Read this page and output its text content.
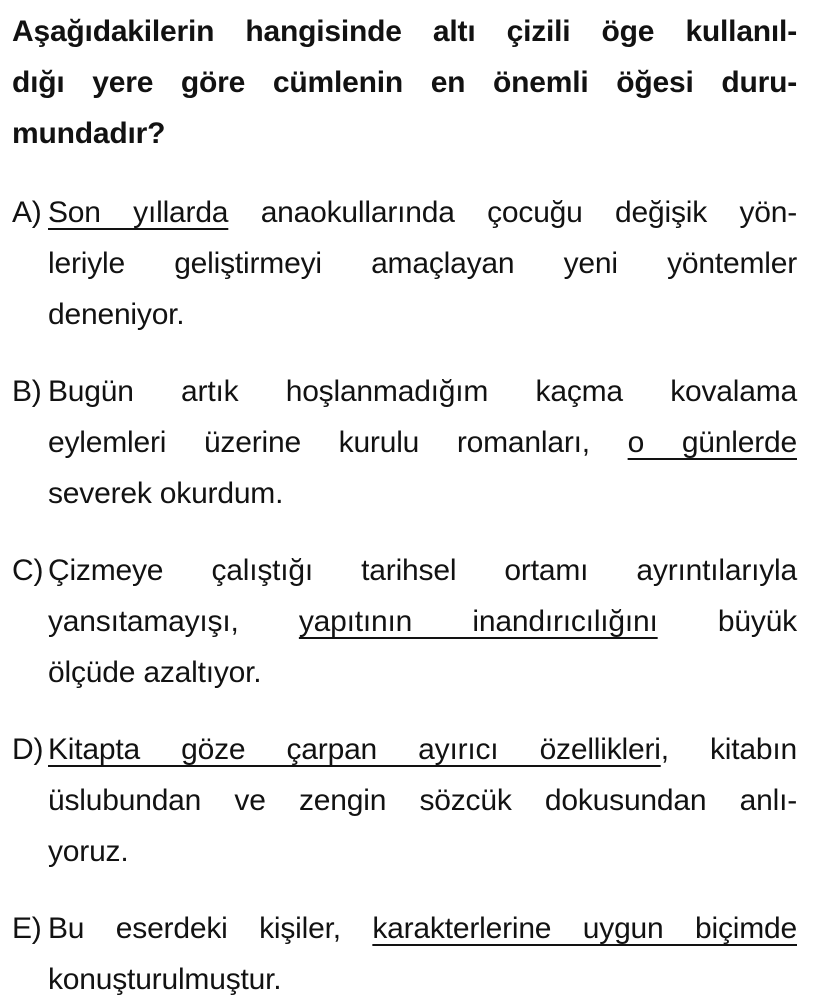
Aşağıdakilerin hangisinde altı çizili öge kullanıl-
dığı yere göre cümlenin en önemli öğesi duru-
mundadır?
A) Son yıllarda anaokullarında çocuğu değişik yön-
leriyle geliştirmeyi amaçlayan yeni yöntemler
deneniyor.
B) Bugün artık hoşlanmadığım kaçma kovalama
eylemleri üzerine kurulu romanları, o günlerde
severek okurdum.
C) Çizmeye çalıştığı tarihsel ortamı ayrıntılarıyla
yansıtamayışı, yapıtının inandırıcılığını büyük
ölçüde azaltıyor.
D) Kitapta göze çarpan ayırıcı özellikleri, kitabın
üslubundan ve zengin sözcük dokusundan anlı-
yoruz.
E) Bu eserdeki kişiler, karakterlerine uygun biçimde
konuşturulmuştur.
